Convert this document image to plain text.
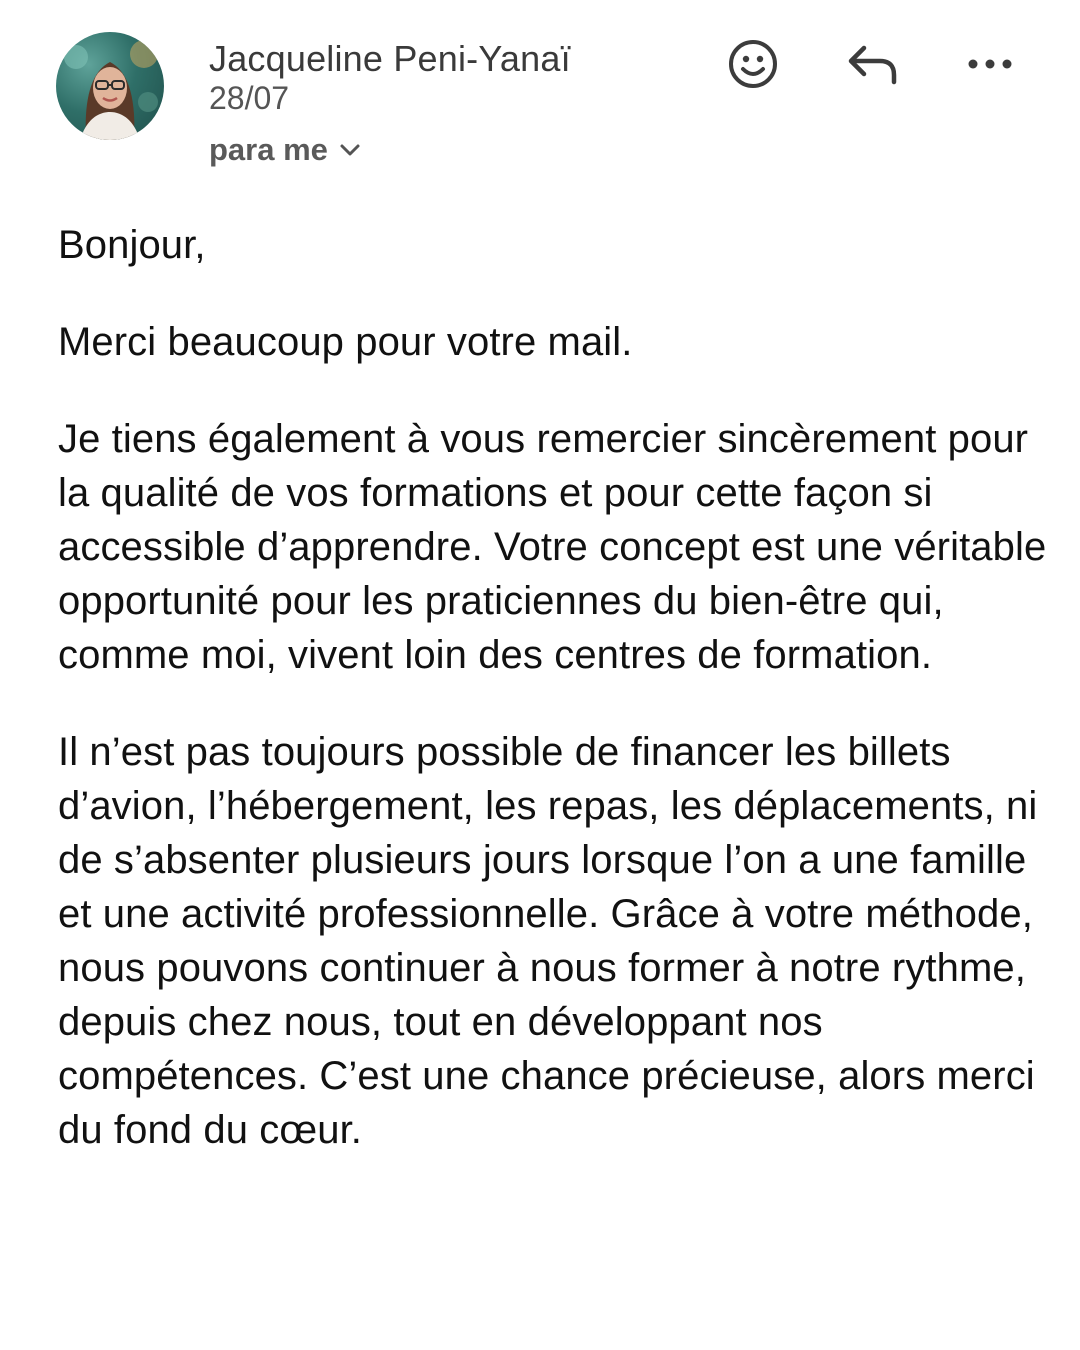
Jacqueline Peni-Yanaï
28/07
para me

Bonjour,

Merci beaucoup pour votre mail.

Je tiens également à vous remercier sincèrement pour la qualité de vos formations et pour cette façon si accessible d’apprendre. Votre concept est une véritable opportunité pour les praticiennes du bien-être qui, comme moi, vivent loin des centres de formation.

Il n’est pas toujours possible de financer les billets d’avion, l’hébergement, les repas, les déplacements, ni de s’absenter plusieurs jours lorsque l’on a une famille et une activité professionnelle. Grâce à votre méthode, nous pouvons continuer à nous former à notre rythme, depuis chez nous, tout en développant nos compétences. C’est une chance précieuse, alors merci du fond du cœur.
